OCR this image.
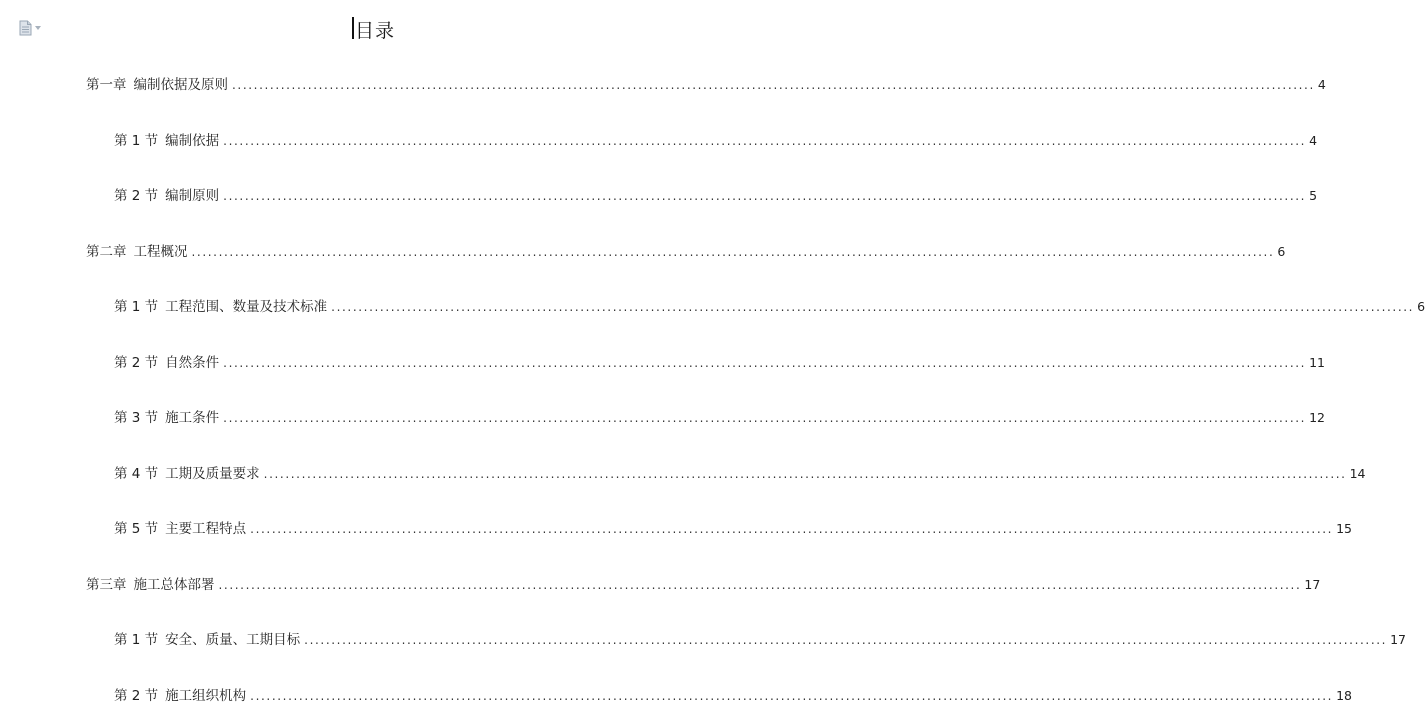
目录
第一章 编制依据及原则 ........................................................................................................................................................................................................ 4
第 1 节 编制依据 ........................................................................................................................................................................................................ 4
第 2 节 编制原则 ........................................................................................................................................................................................................ 5
第二章 工程概况 ........................................................................................................................................................................................................ 6
第 1 节 工程范围、数量及技术标准 ........................................................................................................................................................................................................ 6
第 2 节 自然条件 ........................................................................................................................................................................................................ 11
第 3 节 施工条件 ........................................................................................................................................................................................................ 12
第 4 节 工期及质量要求 ........................................................................................................................................................................................................ 14
第 5 节 主要工程特点 ........................................................................................................................................................................................................ 15
第三章 施工总体部署 ........................................................................................................................................................................................................ 17
第 1 节 安全、质量、工期目标 ........................................................................................................................................................................................................ 17
第 2 节 施工组织机构 ........................................................................................................................................................................................................ 18
